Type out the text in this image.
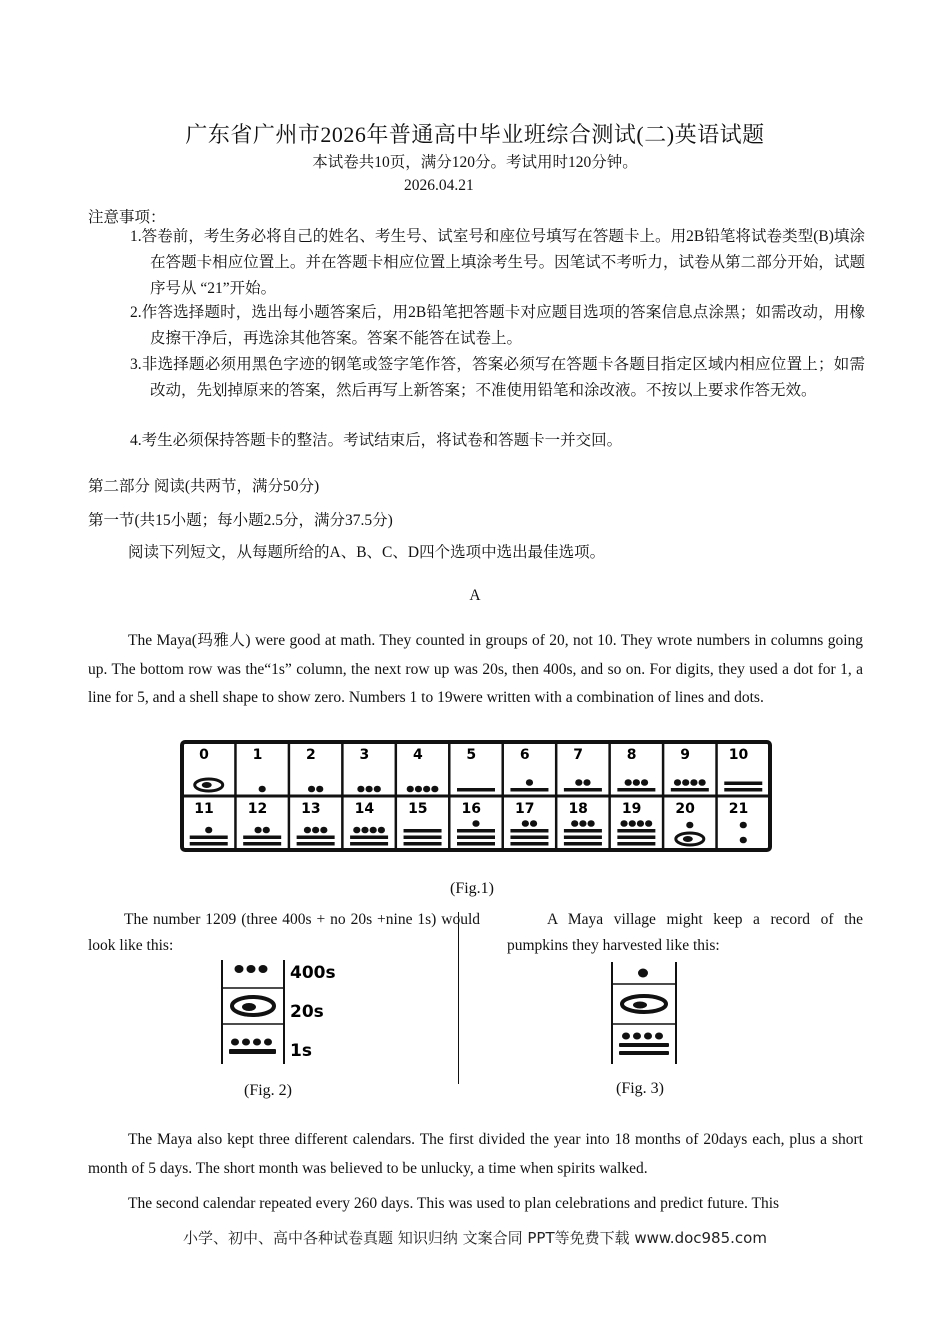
广东省广州市2026年普通高中毕业班综合测试(二)英语试题
本试卷共10页，满分120分。考试用时120分钟。
2026.04.21
注意事项：
1.答卷前，考生务必将自己的姓名、考生号、试室号和座位号填写在答题卡上。用2B铅笔将试卷类型(B)填涂在答题卡相应位置上。并在答题卡相应位置上填涂考生号。因笔试不考听力，试卷从第二部分开始，试题序号从 “21”开始。
2.作答选择题时，选出每小题答案后，用2B铅笔把答题卡对应题目选项的答案信息点涂黑；如需改动，用橡皮擦干净后，再选涂其他答案。答案不能答在试卷上。
3.非选择题必须用黑色字迹的钢笔或签字笔作答，答案必须写在答题卡各题目指定区域内相应位置上；如需改动，先划掉原来的答案，然后再写上新答案；不准使用铅笔和涂改液。不按以上要求作答无效。
4.考生必须保持答题卡的整洁。考试结束后，将试卷和答题卡一并交回。
第二部分 阅读(共两节，满分50分)
第一节(共15小题；每小题2.5分，满分37.5分)
阅读下列短文，从每题所给的A、B、C、D四个选项中选出最佳选项。
A
The Maya(玛雅人) were good at math. They counted in groups of 20, not 10. They wrote numbers in columns going up. The bottom row was the“1s” column, the next row up was 20s, then 400s, and so on. For digits, they used a dot for 1, a line for 5, and a shell shape to show zero. Numbers 1 to 19were written with a combination of lines and dots.
0	1	2	3	4	5	6	7	8	9	10
11 12 13 14 15 16 17 18 19 20 21
(Fig.1)
The number 1209 (three 400s + no 20s +nine 1s) would look like this:
A Maya village might keep a record of the pumpkins they harvested like this:
400s
20s
1s
(Fig. 2)	(Fig. 3)
The Maya also kept three different calendars. The first divided the year into 18 months of 20days each, plus a short month of 5 days. The short month was believed to be unlucky, a time when spirits walked.
The second calendar repeated every 260 days. This was used to plan celebrations and predict future. This
小学、初中、高中各种试卷真题 知识归纳 文案合同 PPT等免费下载 www.doc985.com
